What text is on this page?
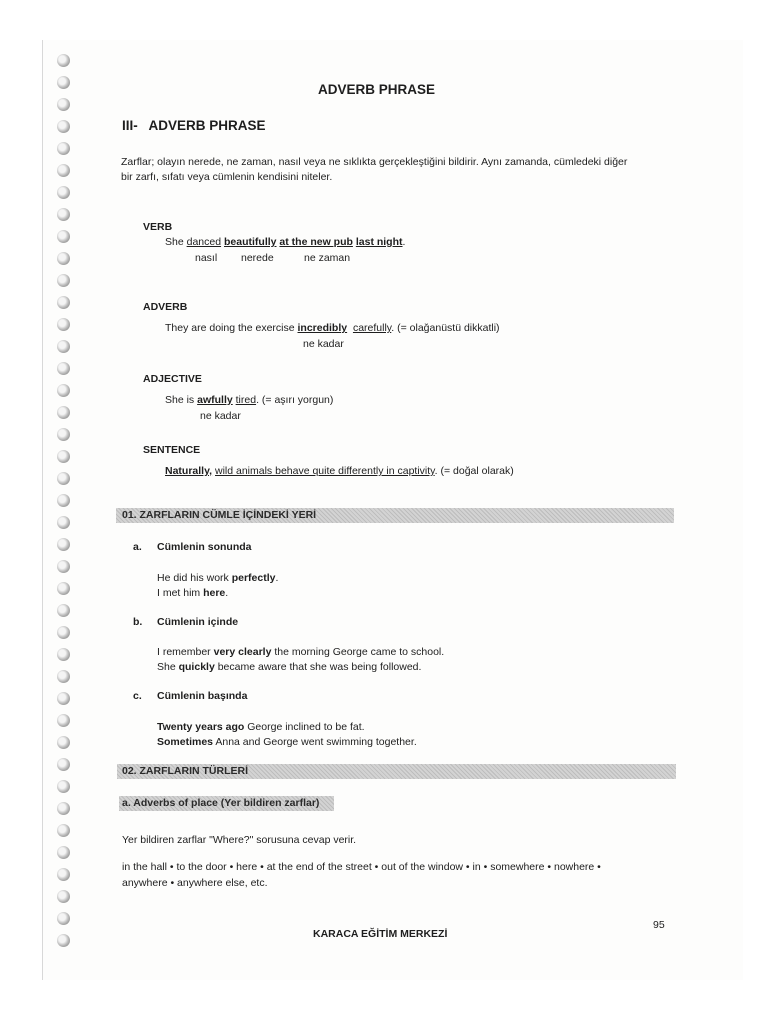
ADVERB PHRASE
III- ADVERB PHRASE
Zarflar; olayın nerede, ne zaman, nasıl veya ne sıklıkta gerçekleştiğini bildirir. Aynı zamanda, cümledeki diğer
bir zarfı, sıfatı veya cümlenin kendisini niteler.
VERB
She danced beautifully at the new pub last night.
nasıl nerede	ne zaman
ADVERB
They are doing the exercise incredibly carefully. (= olağanüstü dikkatli)
ne kadar
ADJECTIVE
She is awfully tired. (= aşırı yorgun)
ne kadar
SENTENCE
Naturally, wild animals behave quite differently in captivity. (= doğal olarak)
01. ZARFLARIN CÜMLE İÇİNDEKİ YERİ
a. Cümlenin sonunda
He did his work perfectly.
I met him here.
b. Cümlenin içinde
I remember very clearly the morning George came to school.
She quickly became aware that she was being followed.
c. Cümlenin başında
Twenty years ago George inclined to be fat.
Sometimes Anna and George went swimming together.
02. ZARFLARIN TÜRLERİ
a. Adverbs of place (Yer bildiren zarflar)
Yer bildiren zarflar "Where?" sorusuna cevap verir.
in the hall • to the door • here • at the end of the street • out of the window • in • somewhere • nowhere •
anywhere • anywhere else, etc.
95
KARACA EĞİTİM MERKEZİ
